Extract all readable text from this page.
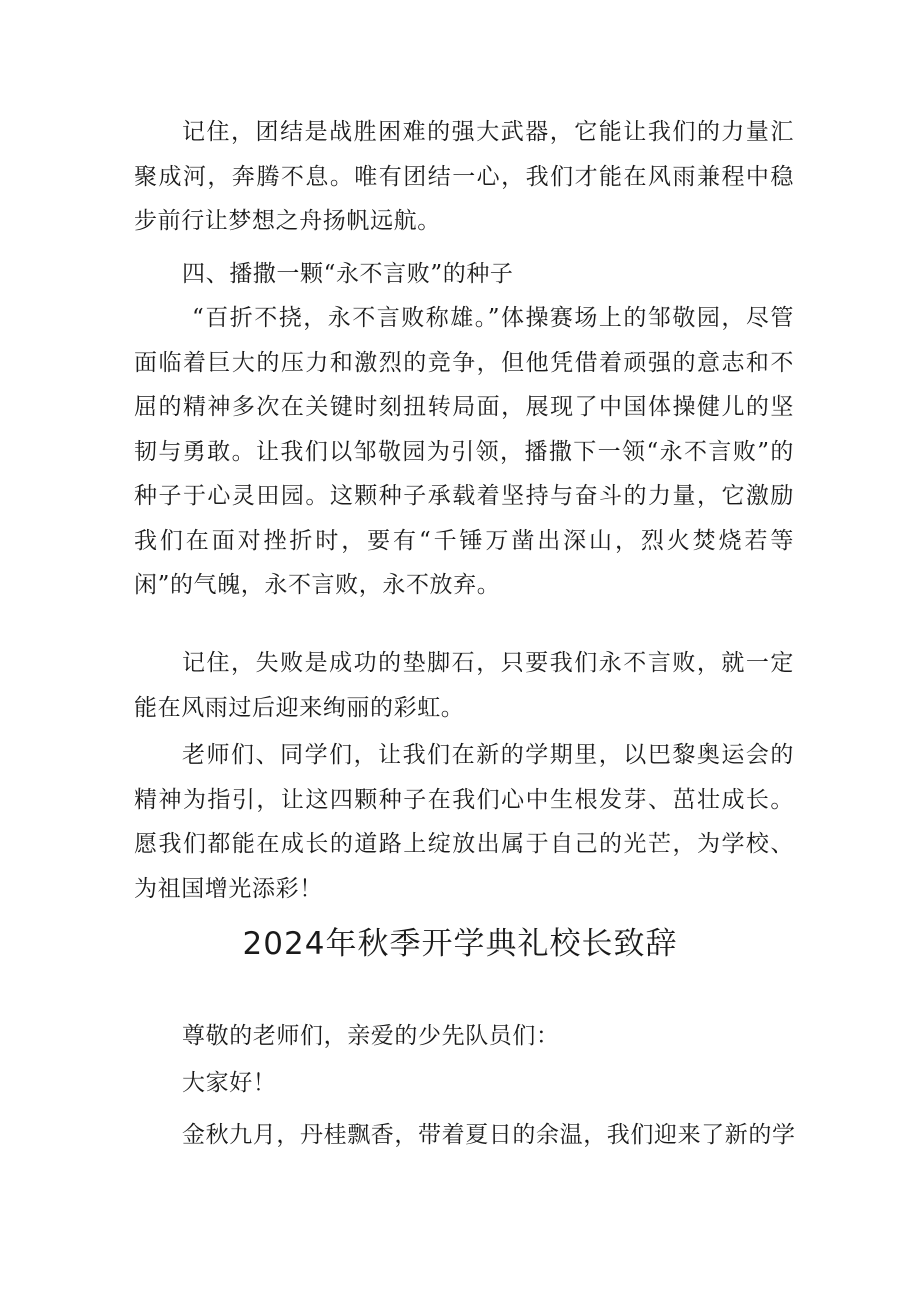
记住，团结是战胜困难的强大武器，它能让我们的力量汇聚成河，奔腾不息。唯有团结一心，我们才能在风雨兼程中稳步前行让梦想之舟扬帆远航。

四、播撒一颗“永不言败”的种子

“百折不挠，永不言败称雄。”体操赛场上的邹敬园，尽管面临着巨大的压力和激烈的竞争，但他凭借着顽强的意志和不屈的精神多次在关键时刻扭转局面，展现了中国体操健儿的坚韧与勇敢。让我们以邹敬园为引领，播撒下一领“永不言败”的种子于心灵田园。这颗种子承载着坚持与奋斗的力量，它激励我们在面对挫折时，要有“千锤万凿出深山，烈火焚烧若等闲”的气魄，永不言败，永不放弃。

记住，失败是成功的垫脚石，只要我们永不言败，就一定能在风雨过后迎来绚丽的彩虹。

老师们、同学们，让我们在新的学期里，以巴黎奥运会的精神为指引，让这四颗种子在我们心中生根发芽、茁壮成长。愿我们都能在成长的道路上绽放出属于自己的光芒，为学校、为祖国增光添彩！

2024年秋季开学典礼校长致辞

尊敬的老师们，亲爱的少先队员们：

大家好！

金秋九月，丹桂飘香，带着夏日的余温，我们迎来了新的学
